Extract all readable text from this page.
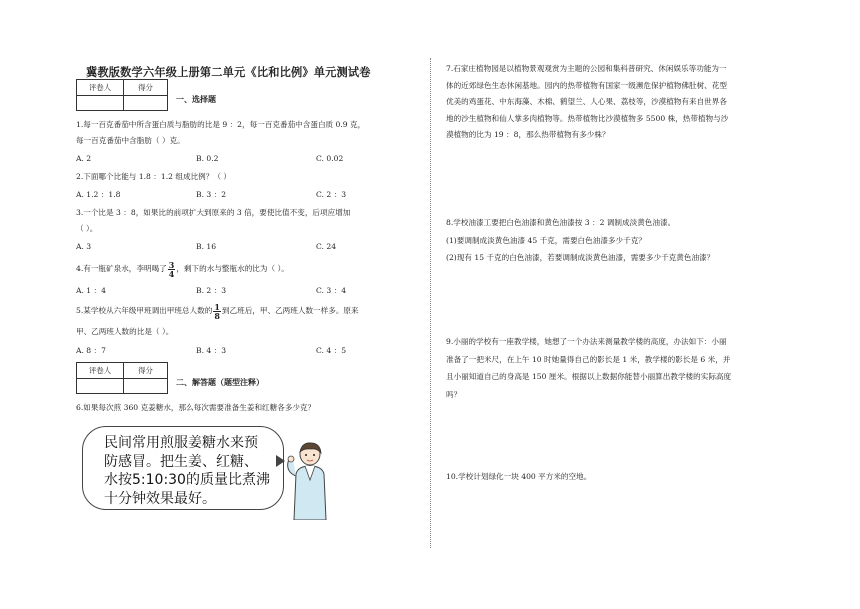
冀教版数学六年级上册第二单元《比和比例》单元测试卷
评卷人	得分

一、选择题
1.每一百克番茄中所含蛋白质与脂肪的比是 9 ：2，每一百克番茄中含蛋白质 0.9 克，
每一百克番茄中含脂肪（ ）克。
A. 2	B. 0.2	C. 0.02
2.下面哪个比能与 1.8 ：1.2 组成比例？（ ）
A. 1.2 ：1.8	B. 3 ：2	C. 2 ：3
3.一个比是 3 ：8，如果比的前项扩大到原来的 3 倍，要使比值不变，后项应增加
（ ）。
A. 3	B. 16	C. 24
4.有一瓶矿泉水，李明喝了 $\frac{3}{4}$ ，剩下的水与整瓶水的比为（ ）。
A. 1 ：4	B. 2 ：3	C. 3 ：4
5.某学校从六年级甲班调出甲班总人数的 $\frac{1}{8}$ 到乙班后，甲、乙两班人数一样多。原来
甲、乙两班人数的比是（ ）。
A. 8 ：7	B. 4 ：3	C. 4 ：5
评卷人	得分

二、解答题（题型注释）
6.如果每次煎 360 克姜糖水，那么每次需要准备生姜和红糖各多少克？
民间常用煎服姜糖水来预
防感冒。把生姜、红糖、
水按5:10:30的质量比煮沸
十分钟效果最好。
7.石家庄植物园是以植物景观观赏为主题的公园和集科普研究、休闲娱乐等功能为一
体的近郊绿色生态休闲基地。园内的热带植物有国家一级濒危保护植物佛肚树、花型
优美的鸡蛋花、中东海藻、木棉、鹤望兰、人心果、荔枝等，沙漠植物有来自世界各
地的沙生植物和仙人掌多肉植物等。热带植物比沙漠植物多 5500 株，热带植物与沙
漠植物的比为 19 ：8，那么热带植物有多少株？
8.学校油漆工要把白色油漆和黄色油漆按 3 ：2 调制成淡黄色油漆。
(1)要调制成淡黄色油漆 45 千克，需要白色油漆多少千克？
(2)现有 15 千克的白色油漆，若要调制成淡黄色油漆，需要多少千克黄色油漆？
9.小丽的学校有一座教学楼，她想了一个办法来测量教学楼的高度，办法如下：小丽
准备了一把米尺，在上午 10 时她量得自己的影长是 1 米，教学楼的影长是 6 米，并
且小丽知道自己的身高是 150 厘米。根据以上数据你能替小丽算出教学楼的实际高度
吗？
10.学校计划绿化一块 400 平方米的空地。
